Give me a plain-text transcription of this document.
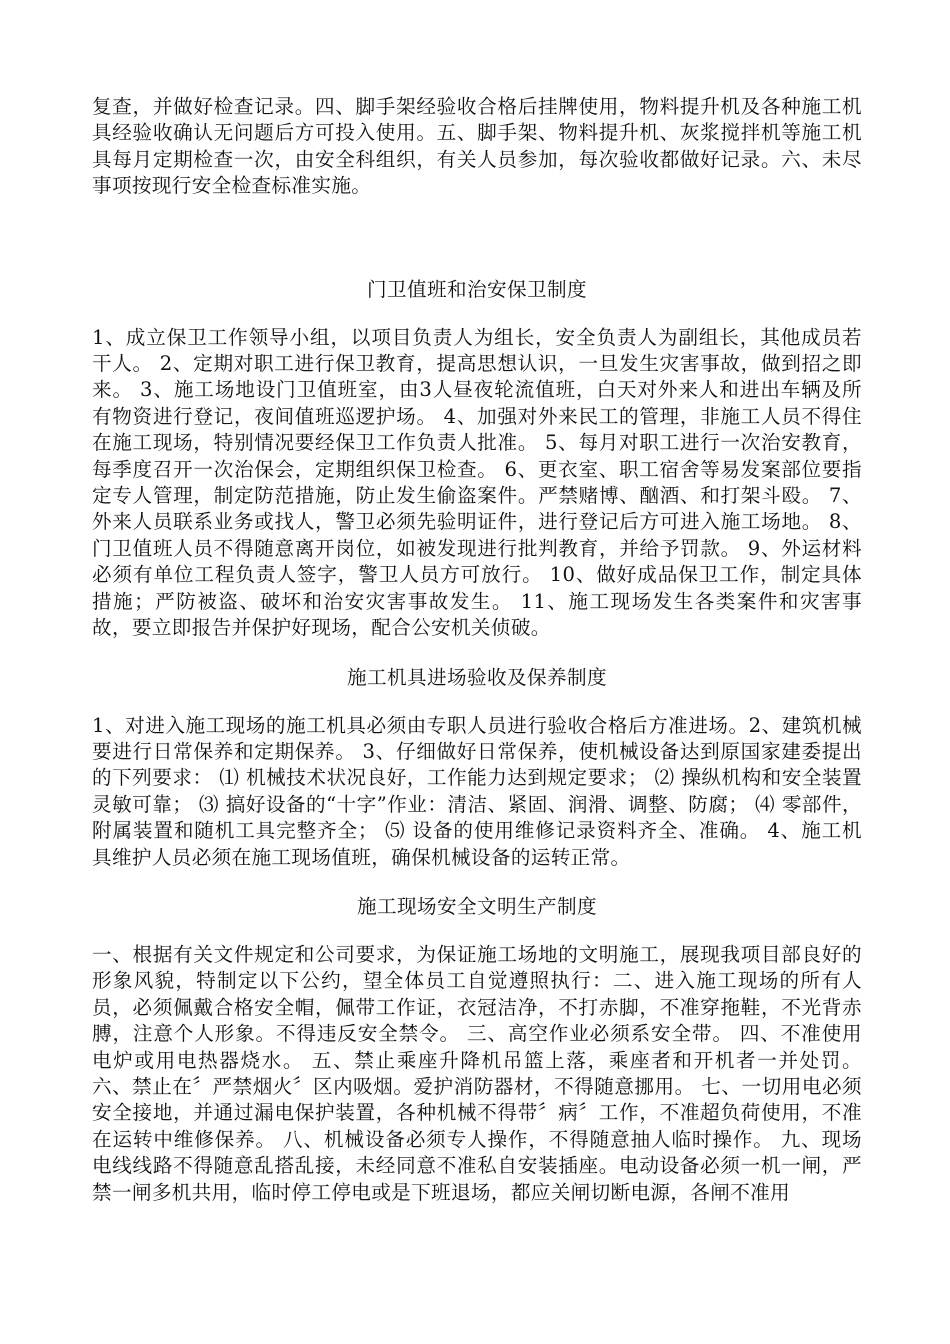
复查，并做好检查记录。四、脚手架经验收合格后挂牌使用，物料提升机及各种施工机具经验收确认无问题后方可投入使用。五、脚手架、物料提升机、灰浆搅拌机等施工机具每月定期检查一次，由安全科组织，有关人员参加，每次验收都做好记录。六、未尽事项按现行安全检查标准实施。

门卫值班和治安保卫制度

1、成立保卫工作领导小组，以项目负责人为组长，安全负责人为副组长，其他成员若干人。 2、定期对职工进行保卫教育，提高思想认识，一旦发生灾害事故，做到招之即来。 3、施工场地设门卫值班室，由3人昼夜轮流值班，白天对外来人和进出车辆及所有物资进行登记，夜间值班巡逻护场。 4、加强对外来民工的管理，非施工人员不得住在施工现场，特别情况要经保卫工作负责人批准。 5、每月对职工进行一次治安教育，每季度召开一次治保会，定期组织保卫检查。 6、更衣室、职工宿舍等易发案部位要指定专人管理，制定防范措施，防止发生偷盗案件。严禁赌博、酗酒、和打架斗殴。 7、外来人员联系业务或找人，警卫必须先验明证件，进行登记后方可进入施工场地。 8、门卫值班人员不得随意离开岗位，如被发现进行批判教育，并给予罚款。 9、外运材料必须有单位工程负责人签字，警卫人员方可放行。 10、做好成品保卫工作，制定具体措施；严防被盗、破坏和治安灾害事故发生。 11、施工现场发生各类案件和灾害事故，要立即报告并保护好现场，配合公安机关侦破。

施工机具进场验收及保养制度

1、对进入施工现场的施工机具必须由专职人员进行验收合格后方准进场。2、建筑机械要进行日常保养和定期保养。 3、仔细做好日常保养，使机械设备达到原国家建委提出的下列要求： ⑴ 机械技术状况良好，工作能力达到规定要求； ⑵ 操纵机构和安全装置灵敏可靠； ⑶ 搞好设备的“十字”作业：清洁、紧固、润滑、调整、防腐； ⑷ 零部件，附属装置和随机工具完整齐全； ⑸ 设备的使用维修记录资料齐全、准确。 4、施工机具维护人员必须在施工现场值班，确保机械设备的运转正常。

施工现场安全文明生产制度

一、根据有关文件规定和公司要求，为保证施工场地的文明施工，展现我项目部良好的形象风貌，特制定以下公约，望全体员工自觉遵照执行：二、进入施工现场的所有人员，必须佩戴合格安全帽，佩带工作证，衣冠洁净，不打赤脚，不准穿拖鞋，不光背赤膊，注意个人形象。不得违反安全禁令。 三、高空作业必须系安全带。 四、不准使用电炉或用电热器烧水。 五、禁止乘座升降机吊篮上落，乘座者和开机者一并处罚。 六、禁止在〞严禁烟火〞区内吸烟。爱护消防器材，不得随意挪用。 七、一切用电必须安全接地，并通过漏电保护装置，各种机械不得带〞病〞工作，不准超负荷使用，不准在运转中维修保养。 八、机械设备必须专人操作，不得随意抽人临时操作。 九、现场电线线路不得随意乱搭乱接，未经同意不准私自安装插座。电动设备必须一机一闸，严禁一闸多机共用，临时停工停电或是下班退场，都应关闸切断电源，各闸不准用
